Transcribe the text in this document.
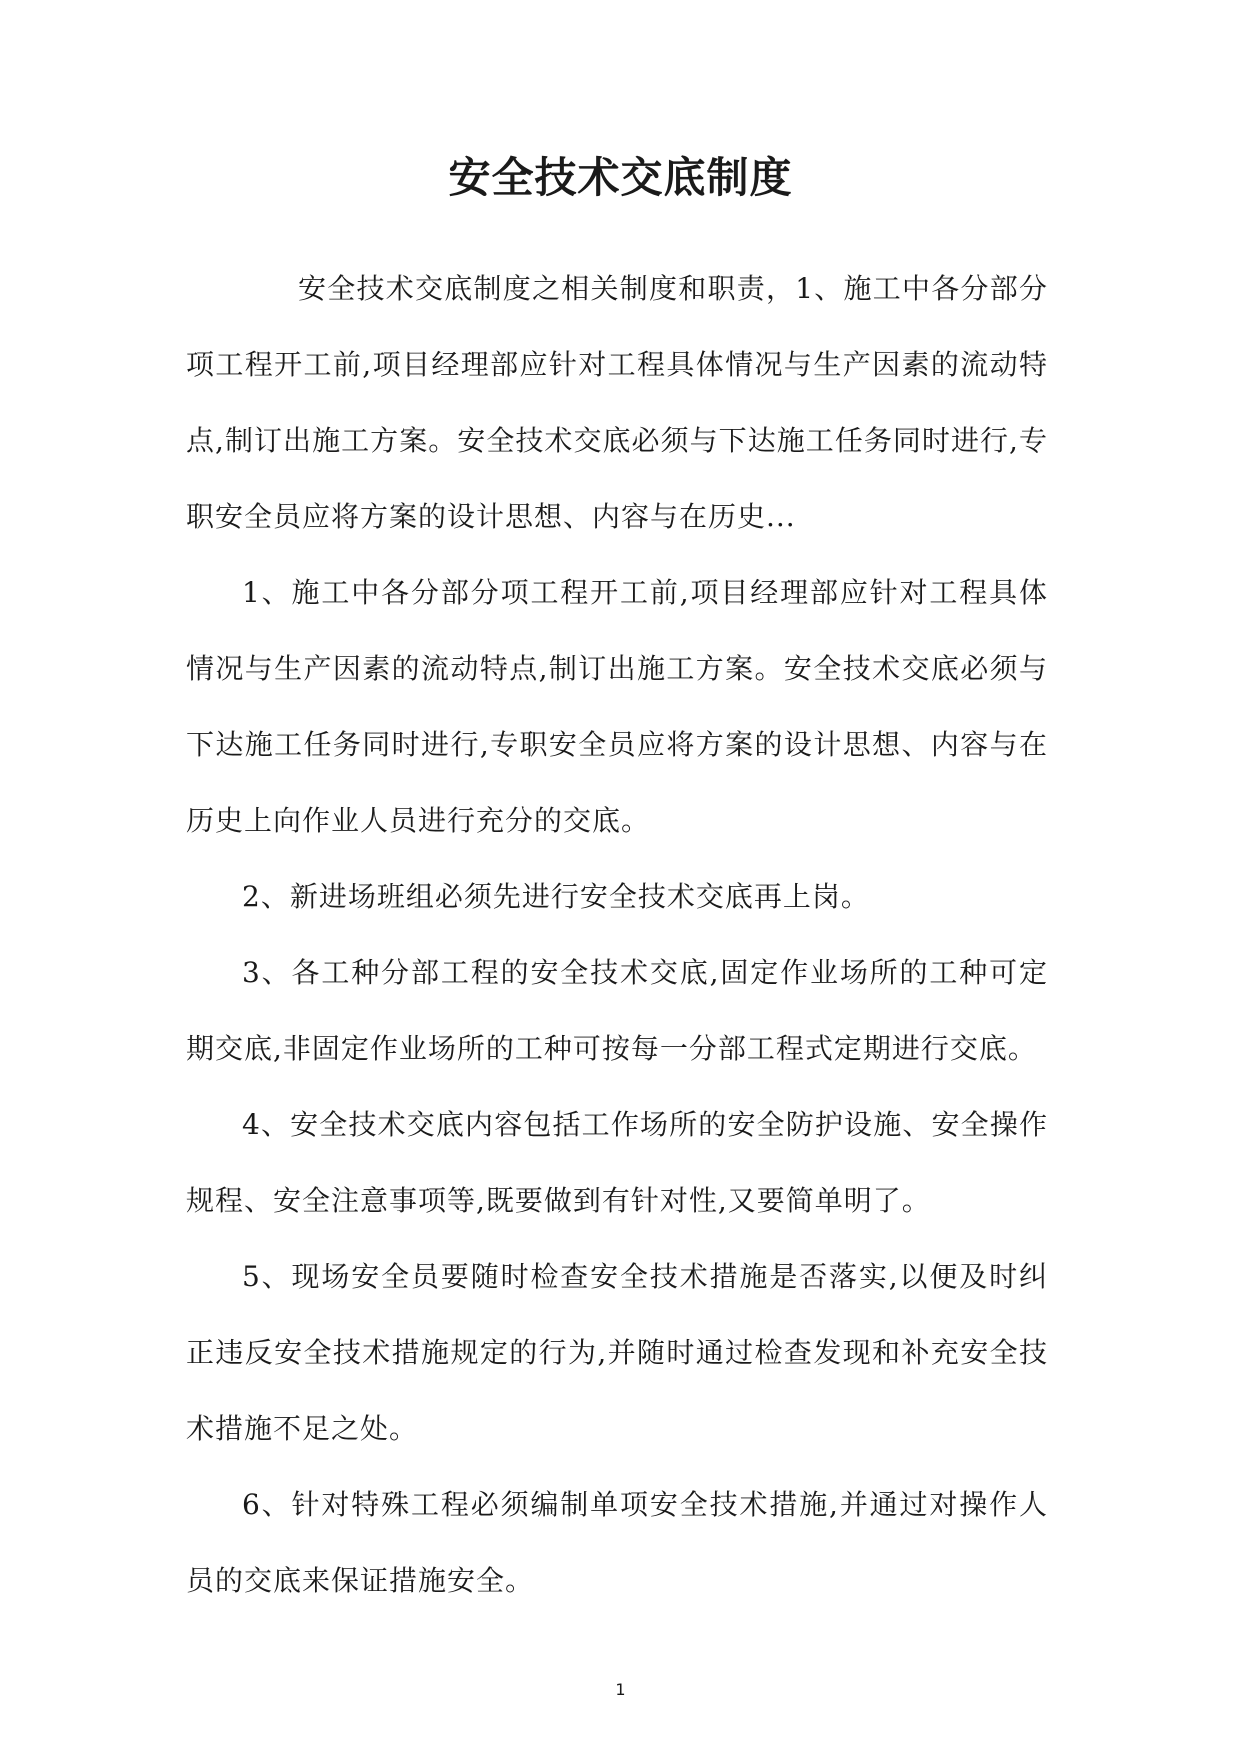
安全技术交底制度

安全技术交底制度之相关制度和职责，1、施工中各分部分项工程开工前,项目经理部应针对工程具体情况与生产因素的流动特点,制订出施工方案。安全技术交底必须与下达施工任务同时进行,专职安全员应将方案的设计思想、内容与在历史...

1、施工中各分部分项工程开工前,项目经理部应针对工程具体情况与生产因素的流动特点,制订出施工方案。安全技术交底必须与下达施工任务同时进行,专职安全员应将方案的设计思想、内容与在历史上向作业人员进行充分的交底。

2、新进场班组必须先进行安全技术交底再上岗。

3、各工种分部工程的安全技术交底,固定作业场所的工种可定期交底,非固定作业场所的工种可按每一分部工程式定期进行交底。

4、安全技术交底内容包括工作场所的安全防护设施、安全操作规程、安全注意事项等,既要做到有针对性,又要简单明了。

5、现场安全员要随时检查安全技术措施是否落实,以便及时纠正违反安全技术措施规定的行为,并随时通过检查发现和补充安全技术措施不足之处。

6、针对特殊工程必须编制单项安全技术措施,并通过对操作人员的交底来保证措施安全。

1
